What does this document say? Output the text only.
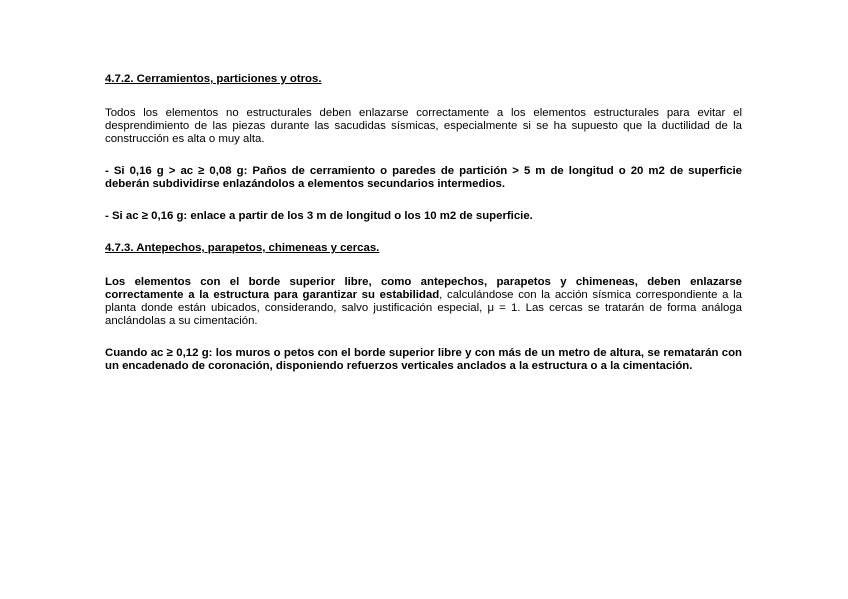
4.7.2. Cerramientos, particiones y otros.

Todos los elementos no estructurales deben enlazarse correctamente a los elementos estructurales para evitar el desprendimiento de las piezas durante las sacudidas sísmicas, especialmente si se ha supuesto que la ductilidad de la construcción es alta o muy alta.

- Si 0,16 g > ac ≥ 0,08 g: Paños de cerramiento o paredes de partición > 5 m de longitud o 20 m2 de superficie deberán subdividirse enlazándolos a elementos secundarios intermedios.

- Si ac ≥ 0,16 g: enlace a partir de los 3 m de longitud o los 10 m2 de superficie.

4.7.3. Antepechos, parapetos, chimeneas y cercas.

Los elementos con el borde superior libre, como antepechos, parapetos y chimeneas, deben enlazarse correctamente a la estructura para garantizar su estabilidad, calculándose con la acción sísmica correspondiente a la planta donde están ubicados, considerando, salvo justificación especial, μ = 1. Las cercas se tratarán de forma análoga anclándolas a su cimentación.

Cuando ac ≥ 0,12 g: los muros o petos con el borde superior libre y con más de un metro de altura, se rematarán con un encadenado de coronación, disponiendo refuerzos verticales anclados a la estructura o a la cimentación.
